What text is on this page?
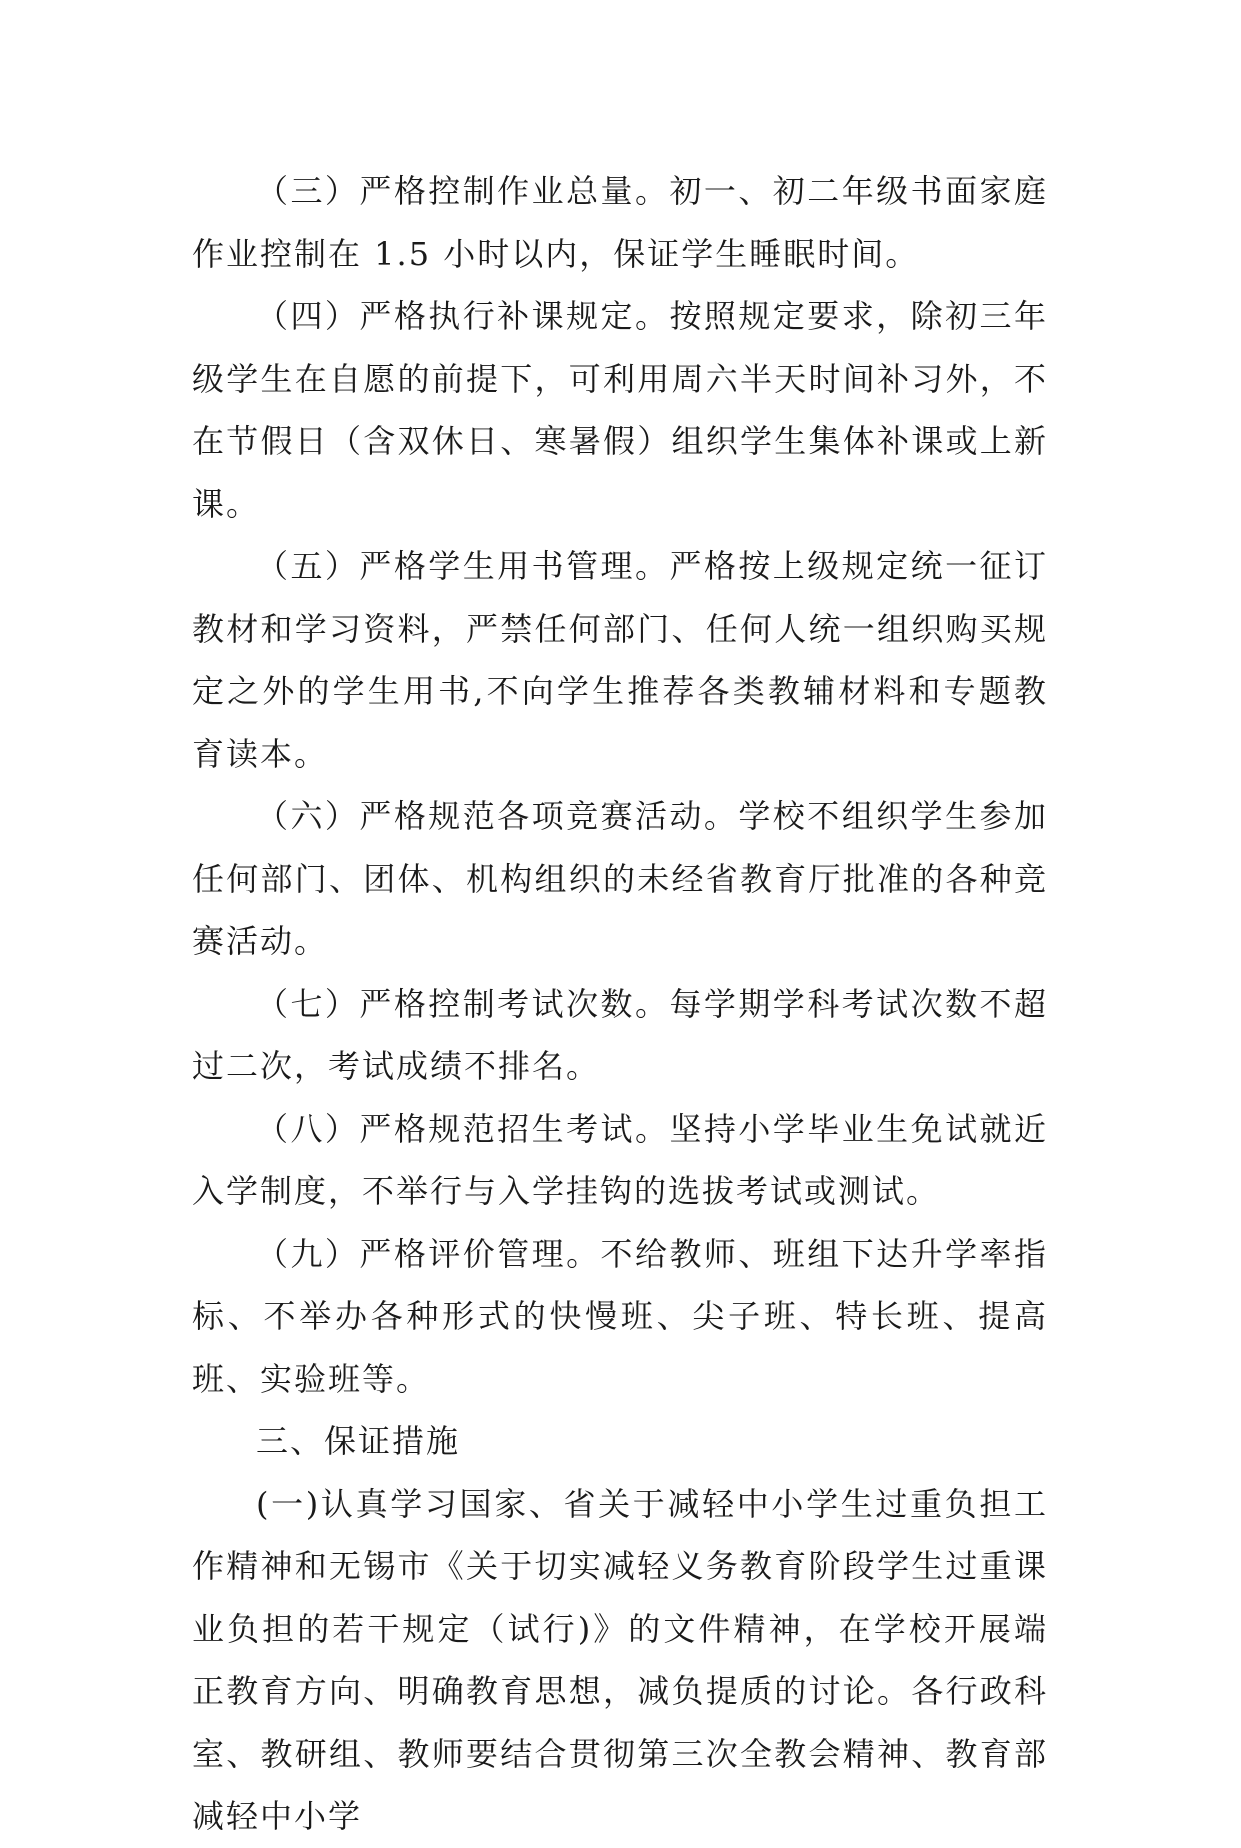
（三）严格控制作业总量。初一、初二年级书面家庭作业控制在 1.5 小时以内，保证学生睡眠时间。

（四）严格执行补课规定。按照规定要求，除初三年级学生在自愿的前提下，可利用周六半天时间补习外，不在节假日（含双休日、寒暑假）组织学生集体补课或上新课。

（五）严格学生用书管理。严格按上级规定统一征订教材和学习资料，严禁任何部门、任何人统一组织购买规定之外的学生用书,不向学生推荐各类教辅材料和专题教育读本。

（六）严格规范各项竞赛活动。学校不组织学生参加任何部门、团体、机构组织的未经省教育厅批准的各种竞赛活动。

（七）严格控制考试次数。每学期学科考试次数不超过二次，考试成绩不排名。

（八）严格规范招生考试。坚持小学毕业生免试就近入学制度，不举行与入学挂钩的选拔考试或测试。

（九）严格评价管理。不给教师、班组下达升学率指标、不举办各种形式的快慢班、尖子班、特长班、提高班、实验班等。

三、保证措施

(一)认真学习国家、省关于减轻中小学生过重负担工作精神和无锡市《关于切实减轻义务教育阶段学生过重课业负担的若干规定（试行)》的文件精神，在学校开展端正教育方向、明确教育思想，减负提质的讨论。各行政科室、教研组、教师要结合贯彻第三次全教会精神、教育部减轻中小学
